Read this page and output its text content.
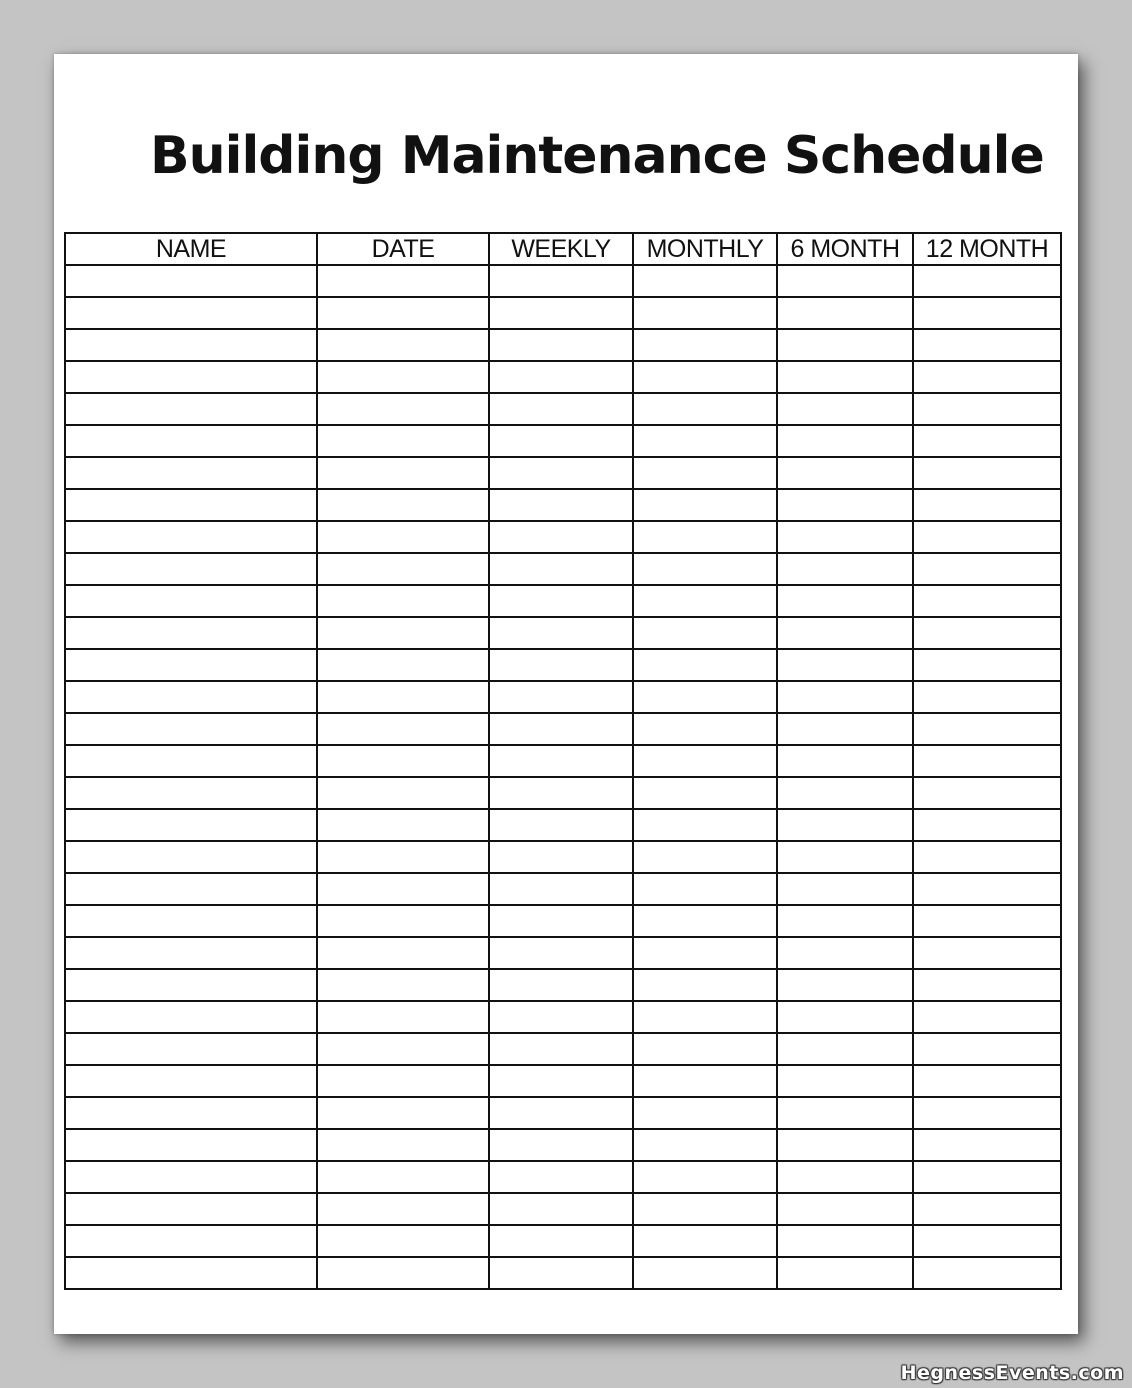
Building Maintenance Schedule
NAME	DATE	WEEKLY	MONTHLY	6 MONTH	12 MONTH

HegnessEvents.com
